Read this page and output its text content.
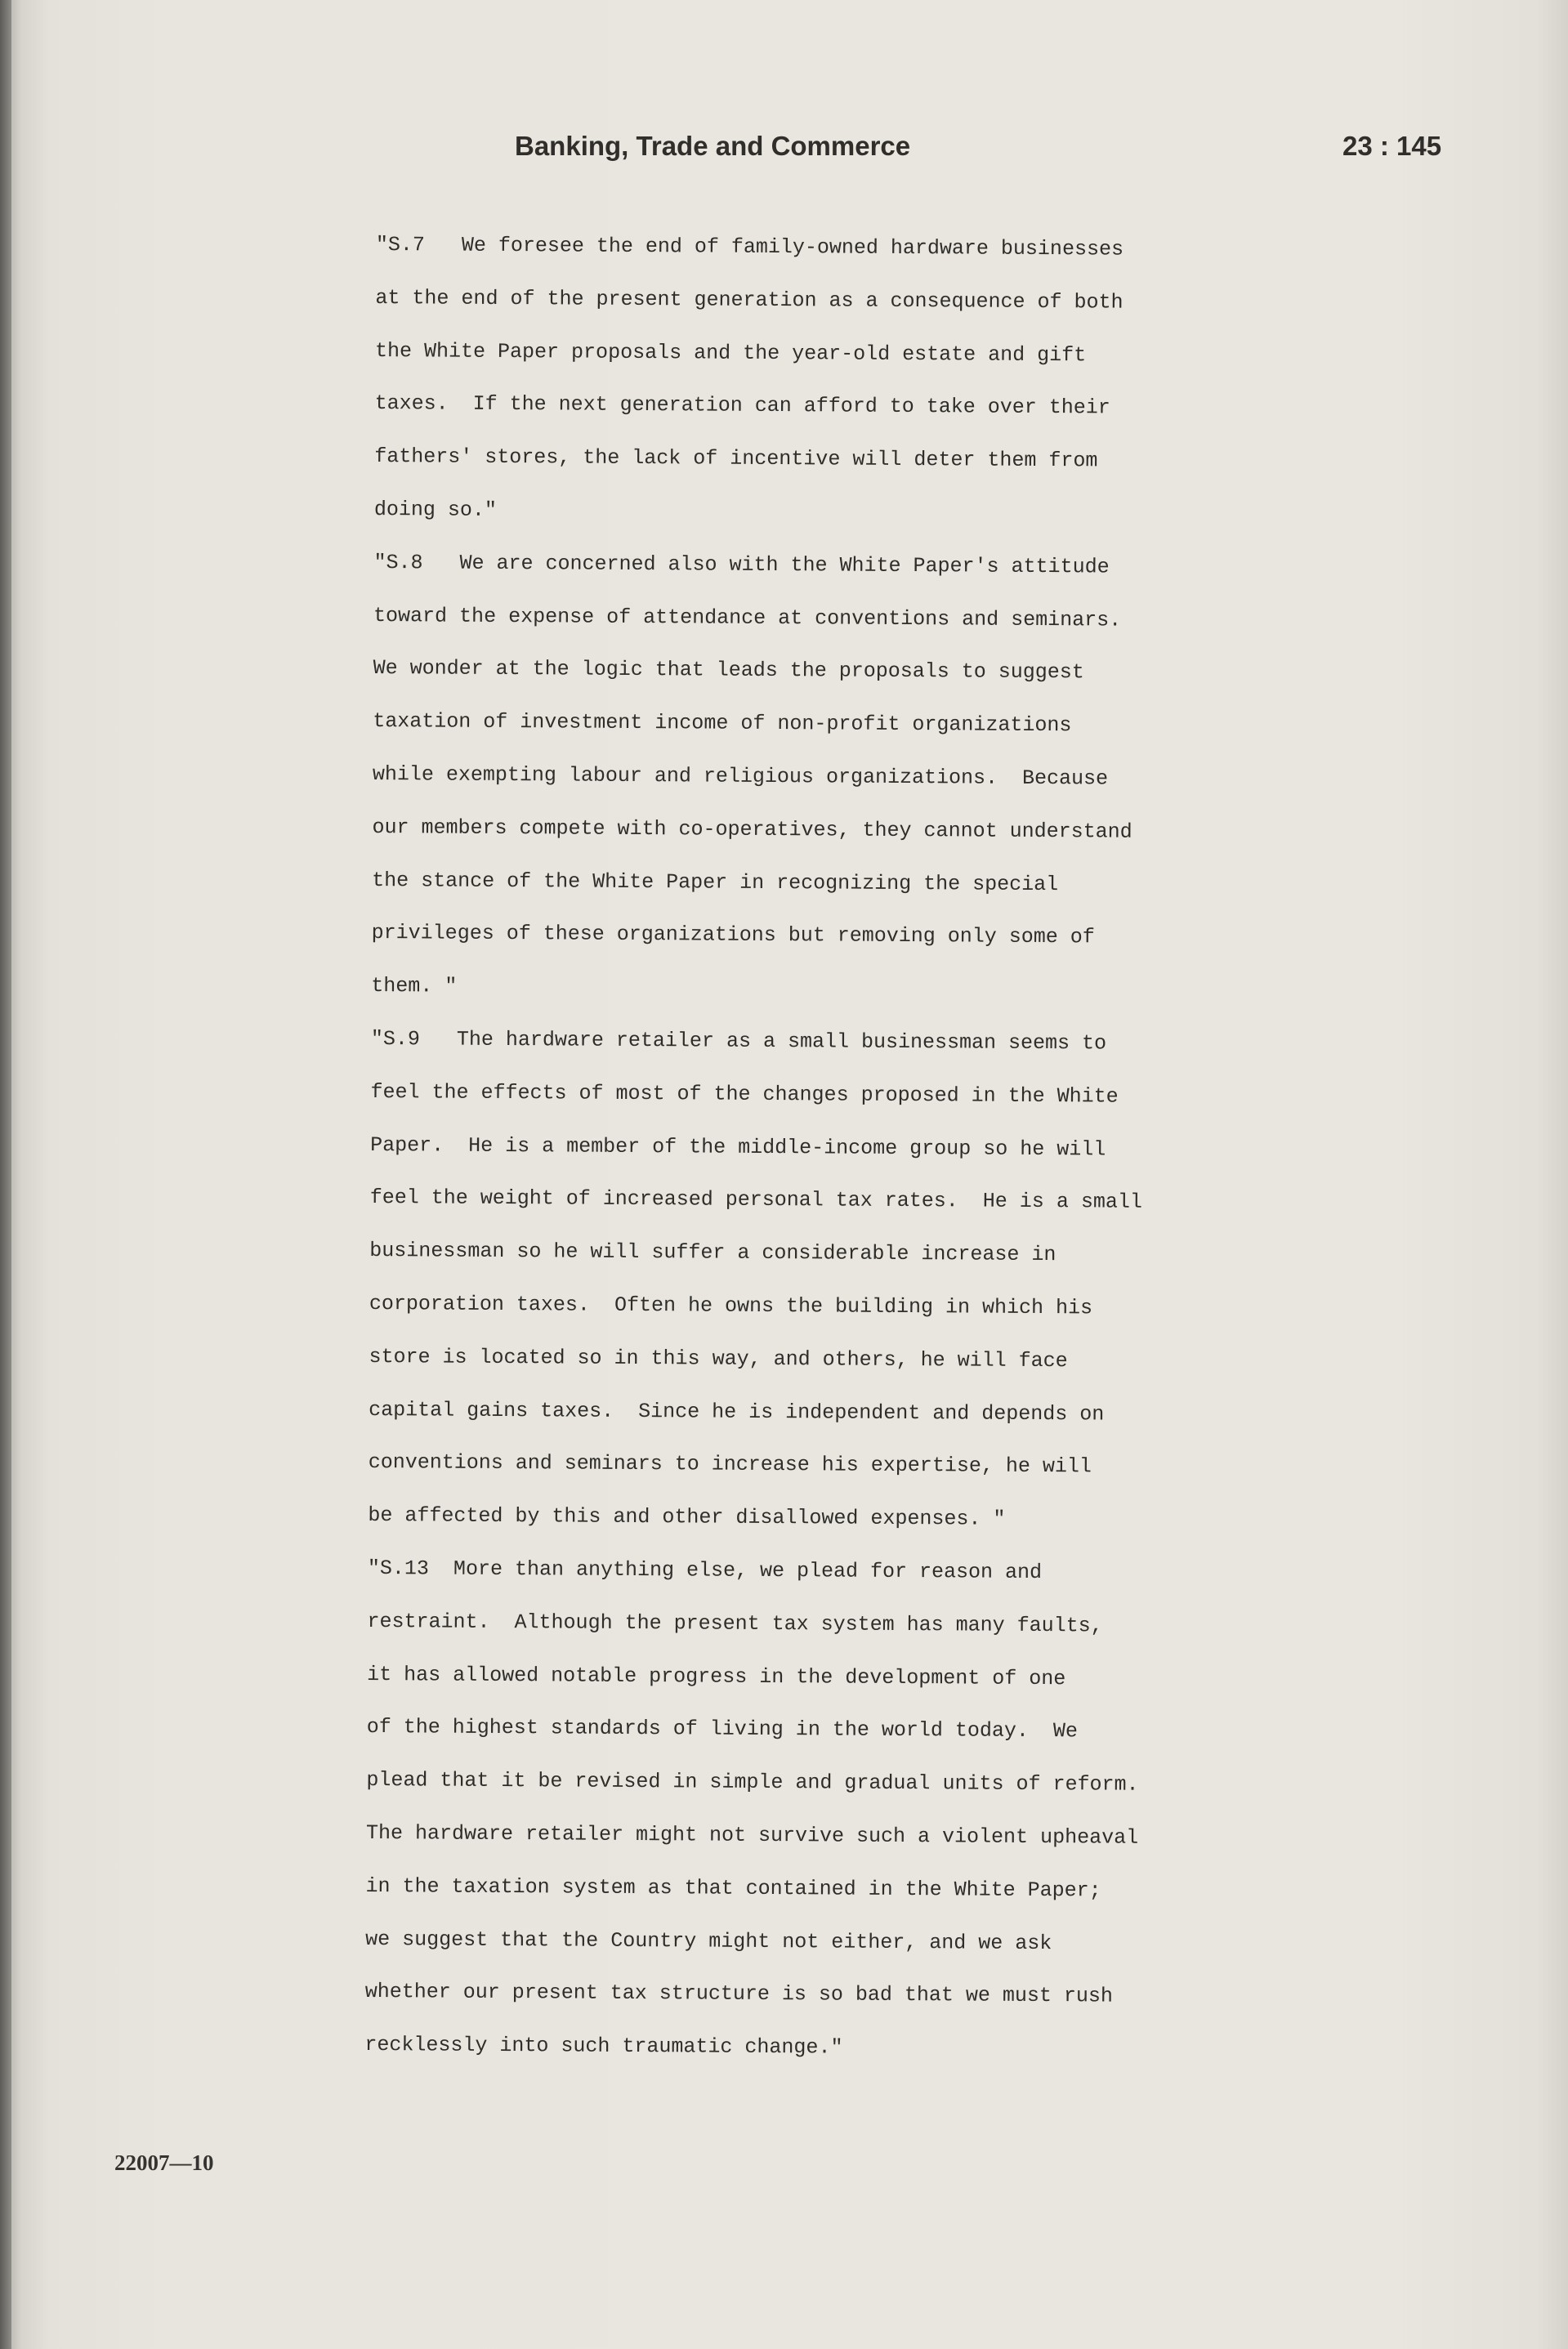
Banking, Trade and Commerce	23 : 145
"S.7   We foresee the end of family-owned hardware businesses
at the end of the present generation as a consequence of both
the White Paper proposals and the year-old estate and gift
taxes.  If the next generation can afford to take over their
fathers' stores, the lack of incentive will deter them from
doing so."
"S.8   We are concerned also with the White Paper's attitude
toward the expense of attendance at conventions and seminars.
We wonder at the logic that leads the proposals to suggest
taxation of investment income of non-profit organizations
while exempting labour and religious organizations.  Because
our members compete with co-operatives, they cannot understand
the stance of the White Paper in recognizing the special
privileges of these organizations but removing only some of
them. "
"S.9   The hardware retailer as a small businessman seems to
feel the effects of most of the changes proposed in the White
Paper.  He is a member of the middle-income group so he will
feel the weight of increased personal tax rates.  He is a small
businessman so he will suffer a considerable increase in
corporation taxes.  Often he owns the building in which his
store is located so in this way, and others, he will face
capital gains taxes.  Since he is independent and depends on
conventions and seminars to increase his expertise, he will
be affected by this and other disallowed expenses. "
"S.13  More than anything else, we plead for reason and
restraint.  Although the present tax system has many faults,
it has allowed notable progress in the development of one
of the highest standards of living in the world today.  We
plead that it be revised in simple and gradual units of reform.
The hardware retailer might not survive such a violent upheaval
in the taxation system as that contained in the White Paper;
we suggest that the Country might not either, and we ask
whether our present tax structure is so bad that we must rush
recklessly into such traumatic change."
22007—10
